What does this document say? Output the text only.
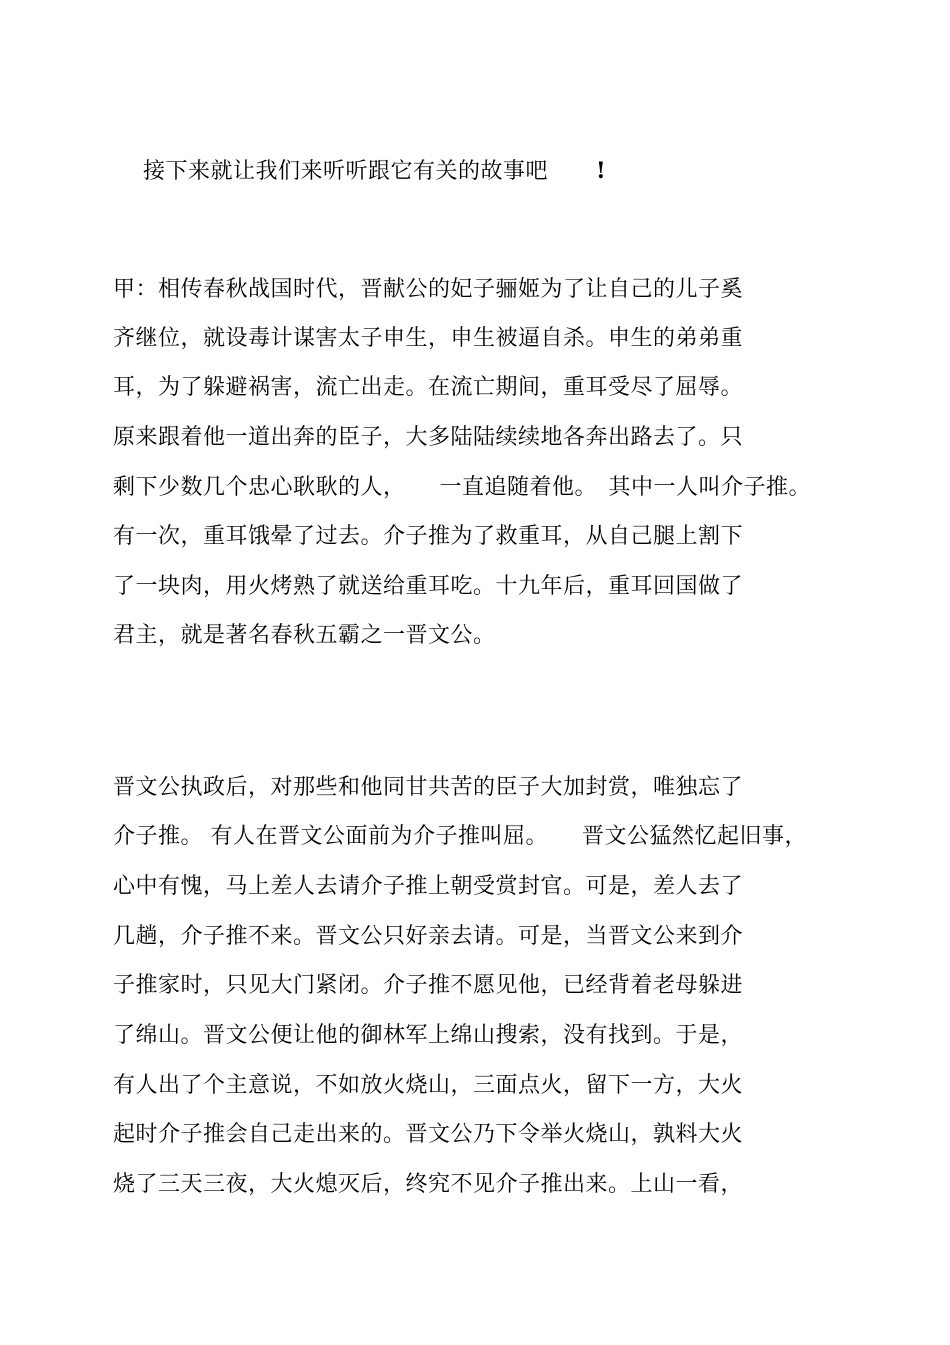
接下来就让我们来听听跟它有关的故事吧 !

甲：相传春秋战国时代，晋献公的妃子骊姬为了让自己的儿子奚
齐继位，就设毒计谋害太子申生，申生被逼自杀。申生的弟弟重
耳，为了躲避祸害，流亡出走。在流亡期间，重耳受尽了屈辱。
原来跟着他一道出奔的臣子，大多陆陆续续地各奔出路去了。只
剩下少数几个忠心耿耿的人，　　一直追随着他。　其中一人叫介子推。
有一次，重耳饿晕了过去。介子推为了救重耳，从自己腿上割下
了一块肉，用火烤熟了就送给重耳吃。十九年后，重耳回国做了
君主，就是著名春秋五霸之一晋文公。
晋文公执政后，对那些和他同甘共苦的臣子大加封赏，唯独忘了
介子推。 有人在晋文公面前为介子推叫屈。　　晋文公猛然忆起旧事，
心中有愧，马上差人去请介子推上朝受赏封官。可是，差人去了
几趟，介子推不来。晋文公只好亲去请。可是，当晋文公来到介
子推家时，只见大门紧闭。介子推不愿见他，已经背着老母躲进
了绵山。晋文公便让他的御林军上绵山搜索，没有找到。于是，
有人出了个主意说，不如放火烧山，三面点火，留下一方，大火
起时介子推会自己走出来的。晋文公乃下令举火烧山，孰料大火
烧了三天三夜，大火熄灭后，终究不见介子推出来。上山一看，
